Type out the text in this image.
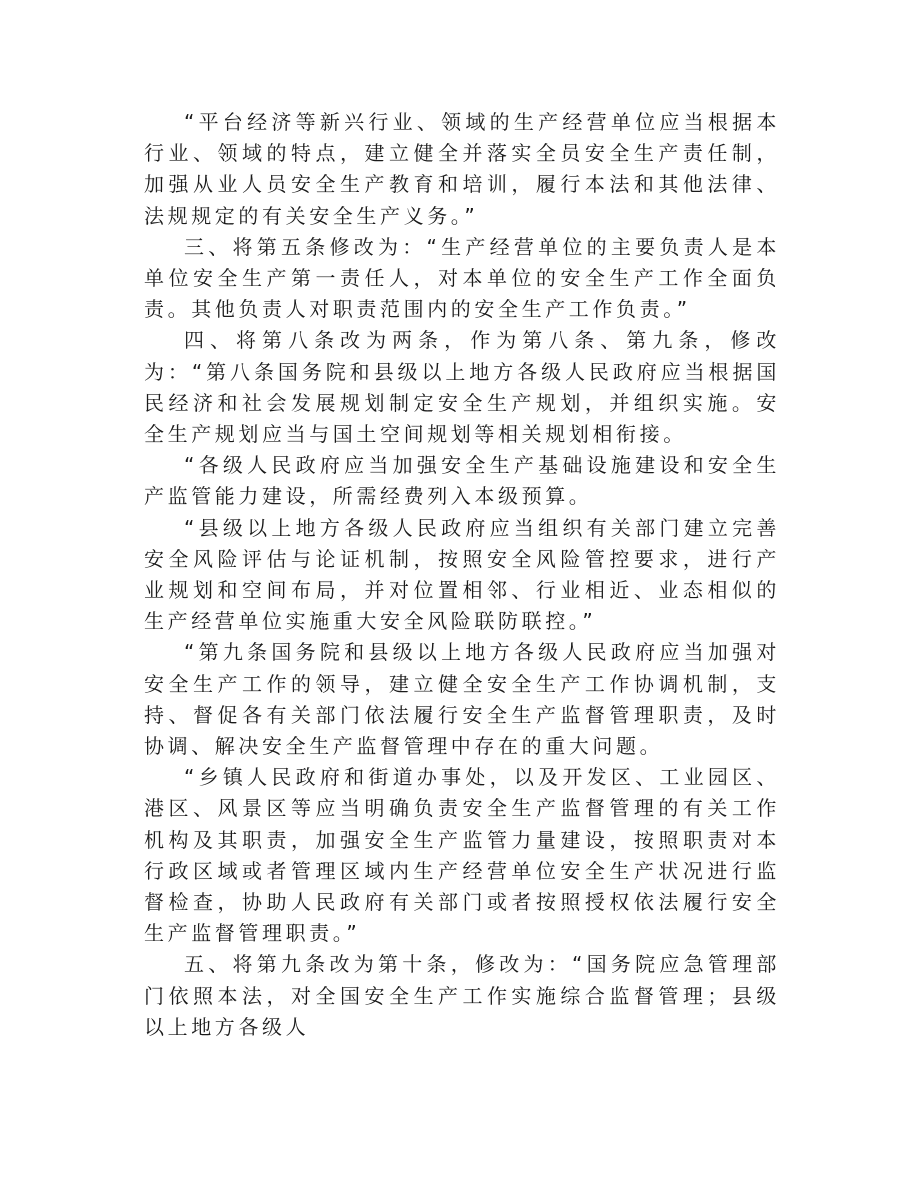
“平台经济等新兴行业、领域的生产经营单位应当根据本行业、领域的特点，建立健全并落实全员安全生产责任制，加强从业人员安全生产教育和培训，履行本法和其他法律、法规规定的有关安全生产义务。”

三、将第五条修改为：“生产经营单位的主要负责人是本单位安全生产第一责任人，对本单位的安全生产工作全面负责。其他负责人对职责范围内的安全生产工作负责。”

四、将第八条改为两条，作为第八条、第九条，修改为：“第八条国务院和县级以上地方各级人民政府应当根据国民经济和社会发展规划制定安全生产规划，并组织实施。安全生产规划应当与国土空间规划等相关规划相衔接。

“各级人民政府应当加强安全生产基础设施建设和安全生产监管能力建设，所需经费列入本级预算。

“县级以上地方各级人民政府应当组织有关部门建立完善安全风险评估与论证机制，按照安全风险管控要求，进行产业规划和空间布局，并对位置相邻、行业相近、业态相似的生产经营单位实施重大安全风险联防联控。”

“第九条国务院和县级以上地方各级人民政府应当加强对安全生产工作的领导，建立健全安全生产工作协调机制，支持、督促各有关部门依法履行安全生产监督管理职责，及时协调、解决安全生产监督管理中存在的重大问题。

“乡镇人民政府和街道办事处，以及开发区、工业园区、港区、风景区等应当明确负责安全生产监督管理的有关工作机构及其职责，加强安全生产监管力量建设，按照职责对本行政区域或者管理区域内生产经营单位安全生产状况进行监督检查，协助人民政府有关部门或者按照授权依法履行安全生产监督管理职责。”

五、将第九条改为第十条，修改为：“国务院应急管理部门依照本法，对全国安全生产工作实施综合监督管理；县级以上地方各级人
